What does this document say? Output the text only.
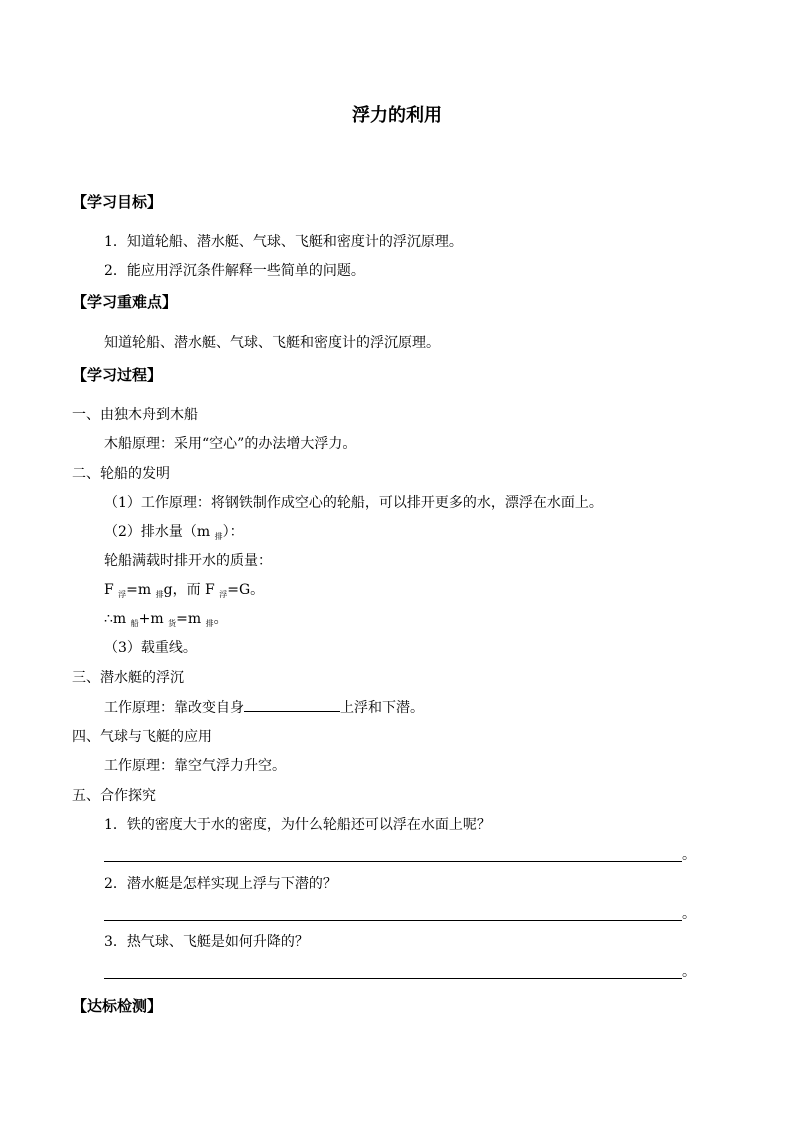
浮力的利用
【学习目标】
1．知道轮船、潜水艇、气球、飞艇和密度计的浮沉原理。
2．能应用浮沉条件解释一些简单的问题。
【学习重难点】
知道轮船、潜水艇、气球、飞艇和密度计的浮沉原理。
【学习过程】
一、由独木舟到木船
木船原理：采用“空心”的办法增大浮力。
二、轮船的发明
（1）工作原理：将钢铁制作成空心的轮船，可以排开更多的水，漂浮在水面上。
（2）排水量（m $_排$）：
轮船满载时排开水的质量：
F $_浮$=m $_排$g，而 F $_浮$=G。
∴m $_船$+m $_货$=m $_排$。
（3）载重线。
三、潜水艇的浮沉
工作原理：靠改变自身	上浮和下潜。
四、气球与飞艇的应用
工作原理：靠空气浮力升空。
五、合作探究
1．铁的密度大于水的密度，为什么轮船还可以浮在水面上呢？
。
2．潜水艇是怎样实现上浮与下潜的？
。
3．热气球、飞艇是如何升降的？
。
【达标检测】
